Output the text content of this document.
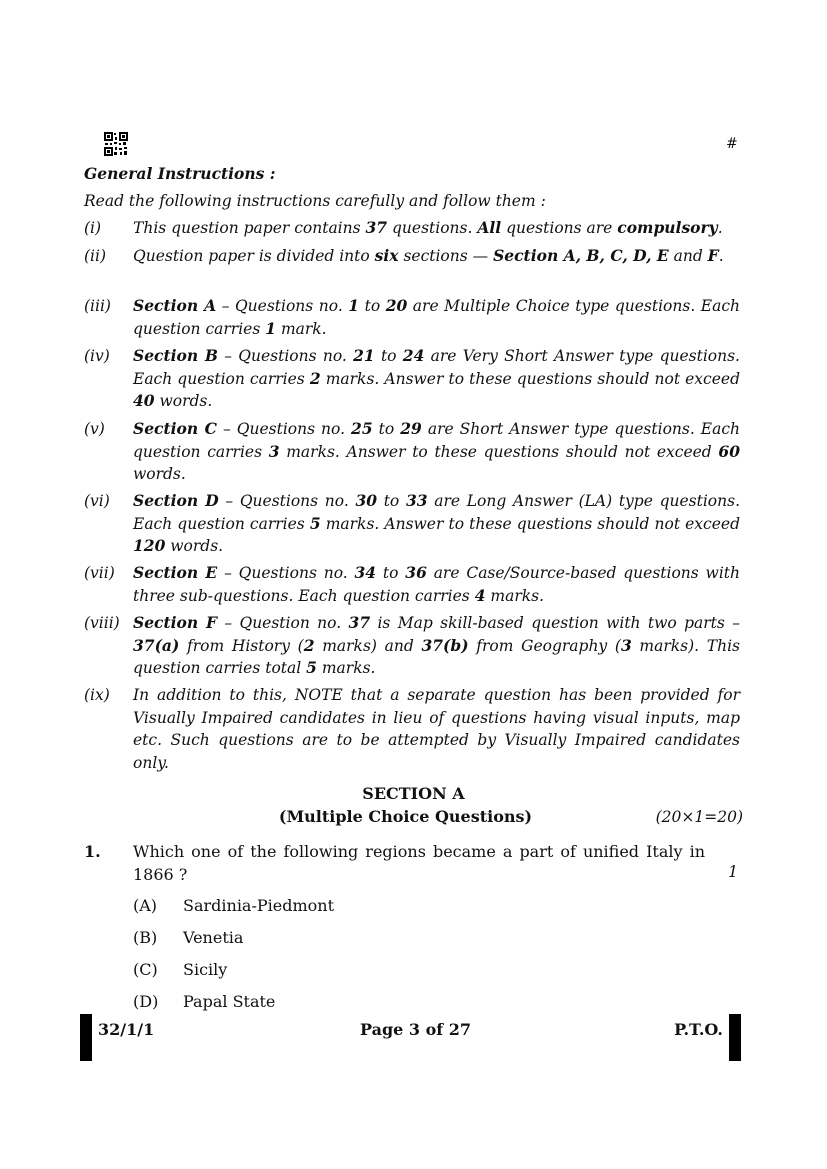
#
General Instructions :
Read the following instructions carefully and follow them :
(i)	This question paper contains 37 questions. All questions are compulsory.
(ii)	Question paper is divided into six sections — Section A, B, C, D, E and F.
(iii)	Section A – Questions no. 1 to 20 are Multiple Choice type questions. Each question carries 1 mark.
(iv)	Section B – Questions no. 21 to 24 are Very Short Answer type questions. Each question carries 2 marks. Answer to these questions should not exceed 40 words.
(v)	Section C – Questions no. 25 to 29 are Short Answer type questions. Each question carries 3 marks. Answer to these questions should not exceed 60 words.
(vi)	Section D – Questions no. 30 to 33 are Long Answer (LA) type questions. Each question carries 5 marks. Answer to these questions should not exceed 120 words.
(vii)	Section E – Questions no. 34 to 36 are Case/Source-based questions with three sub-questions. Each question carries 4 marks.
(viii) Section F – Question no. 37 is Map skill-based question with two parts – 37(a) from History (2 marks) and 37(b) from Geography (3 marks). This question carries total 5 marks.
(ix)	In addition to this, NOTE that a separate question has been provided for Visually Impaired candidates in lieu of questions having visual inputs, map etc. Such questions are to be attempted by Visually Impaired candidates only.
SECTION A
(Multiple Choice Questions)	(20×1=20)
1. Which one of the following regions became a part of unified Italy in 1866 ?	1
(A) Sardinia-Piedmont
(B) Venetia
(C) Sicily
(D) Papal State
32/1/1	Page 3 of 27	P.T.O.
